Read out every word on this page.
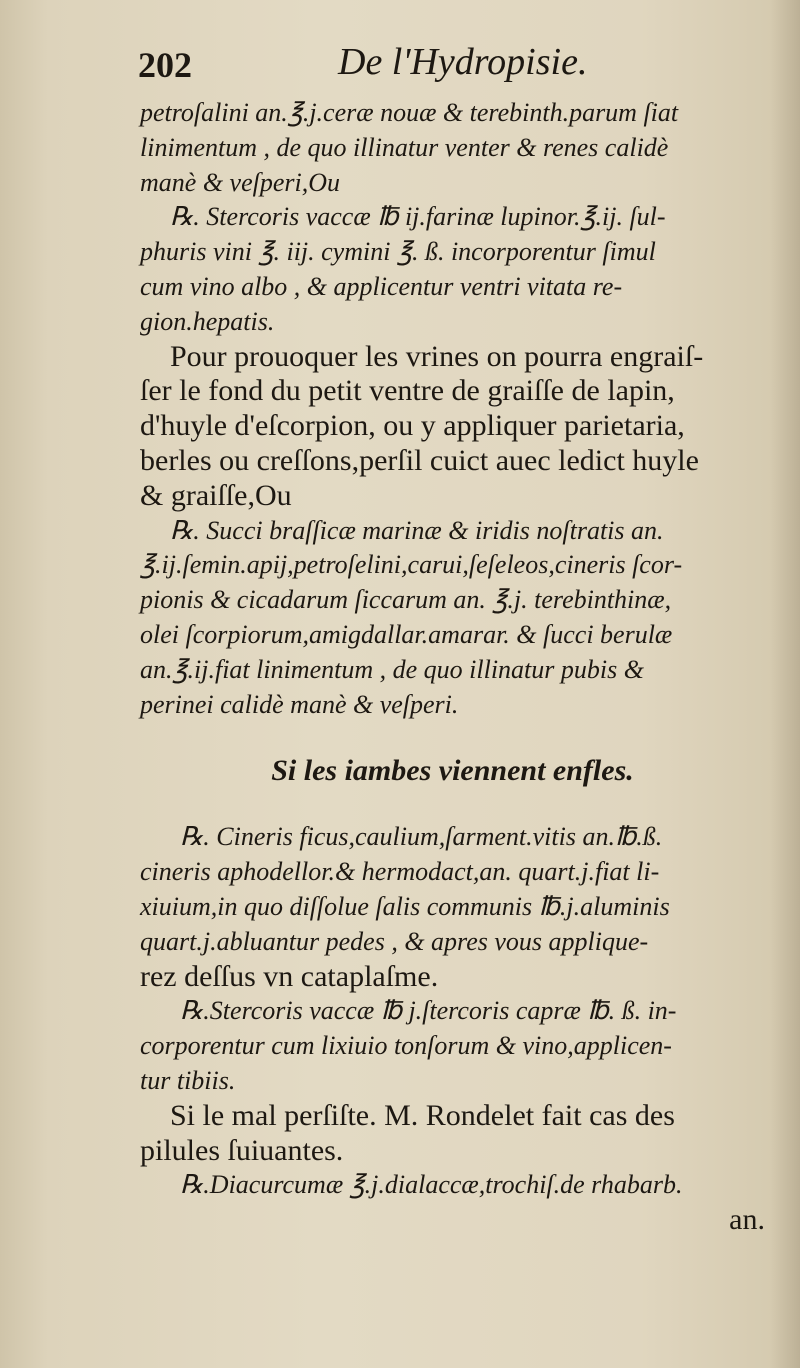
202	De l'Hydropisie.
petroſalini an.℥.j.ceræ nouæ & terebinth.parum ſiat
linimentum , de quo illinatur venter & renes calidè
manè & veſperi,Ou
℞. Stercoris vaccæ ℔ ij.farinæ lupinor.℥.ij. ſul-
phuris vini ℥. iij. cymini ℥. ß. incorporentur ſimul
cum vino albo , & applicentur ventri vitata re-
gion.hepatis.
Pour prouoquer les vrines on pourra engraiſ-
ſer le fond du petit ventre de graiſſe de lapin,
d'huyle d'eſcorpion, ou y appliquer parietaria,
berles ou creſſons,perſil cuict auec ledict huyle
& graiſſe,Ou
℞. Succi braſſicæ marinæ & iridis noſtratis an.
℥.ij.ſemin.apij,petroſelini,carui,ſeſeleos,cineris ſcor-
pionis & cicadarum ſiccarum an. ℥.j. terebinthinæ,
olei ſcorpiorum,amigdallar.amarar. & ſucci berulæ
an.℥.ij.fiat linimentum , de quo illinatur pubis &
perinei calidè manè & veſperi.
Si les iambes viennent enfles.
℞. Cineris ficus,caulium,ſarment.vitis an.℔.ß.
cineris aphodellor.& hermodact,an. quart.j.fiat li-
xiuium,in quo diſſolue ſalis communis ℔.j.aluminis
quart.j.abluantur pedes , & apres vous applique-
rez deſſus vn cataplaſme.
℞.Stercoris vaccæ ℔ j.ſtercoris capræ ℔. ß. in-
corporentur cum lixiuio tonſorum & vino,applicen-
tur tibiis.
Si le mal perſiſte. M. Rondelet fait cas des
pilules ſuiuantes.
℞.Diacurcumæ ℥.j.dialaccæ,trochiſ.de rhabarb.
an.
